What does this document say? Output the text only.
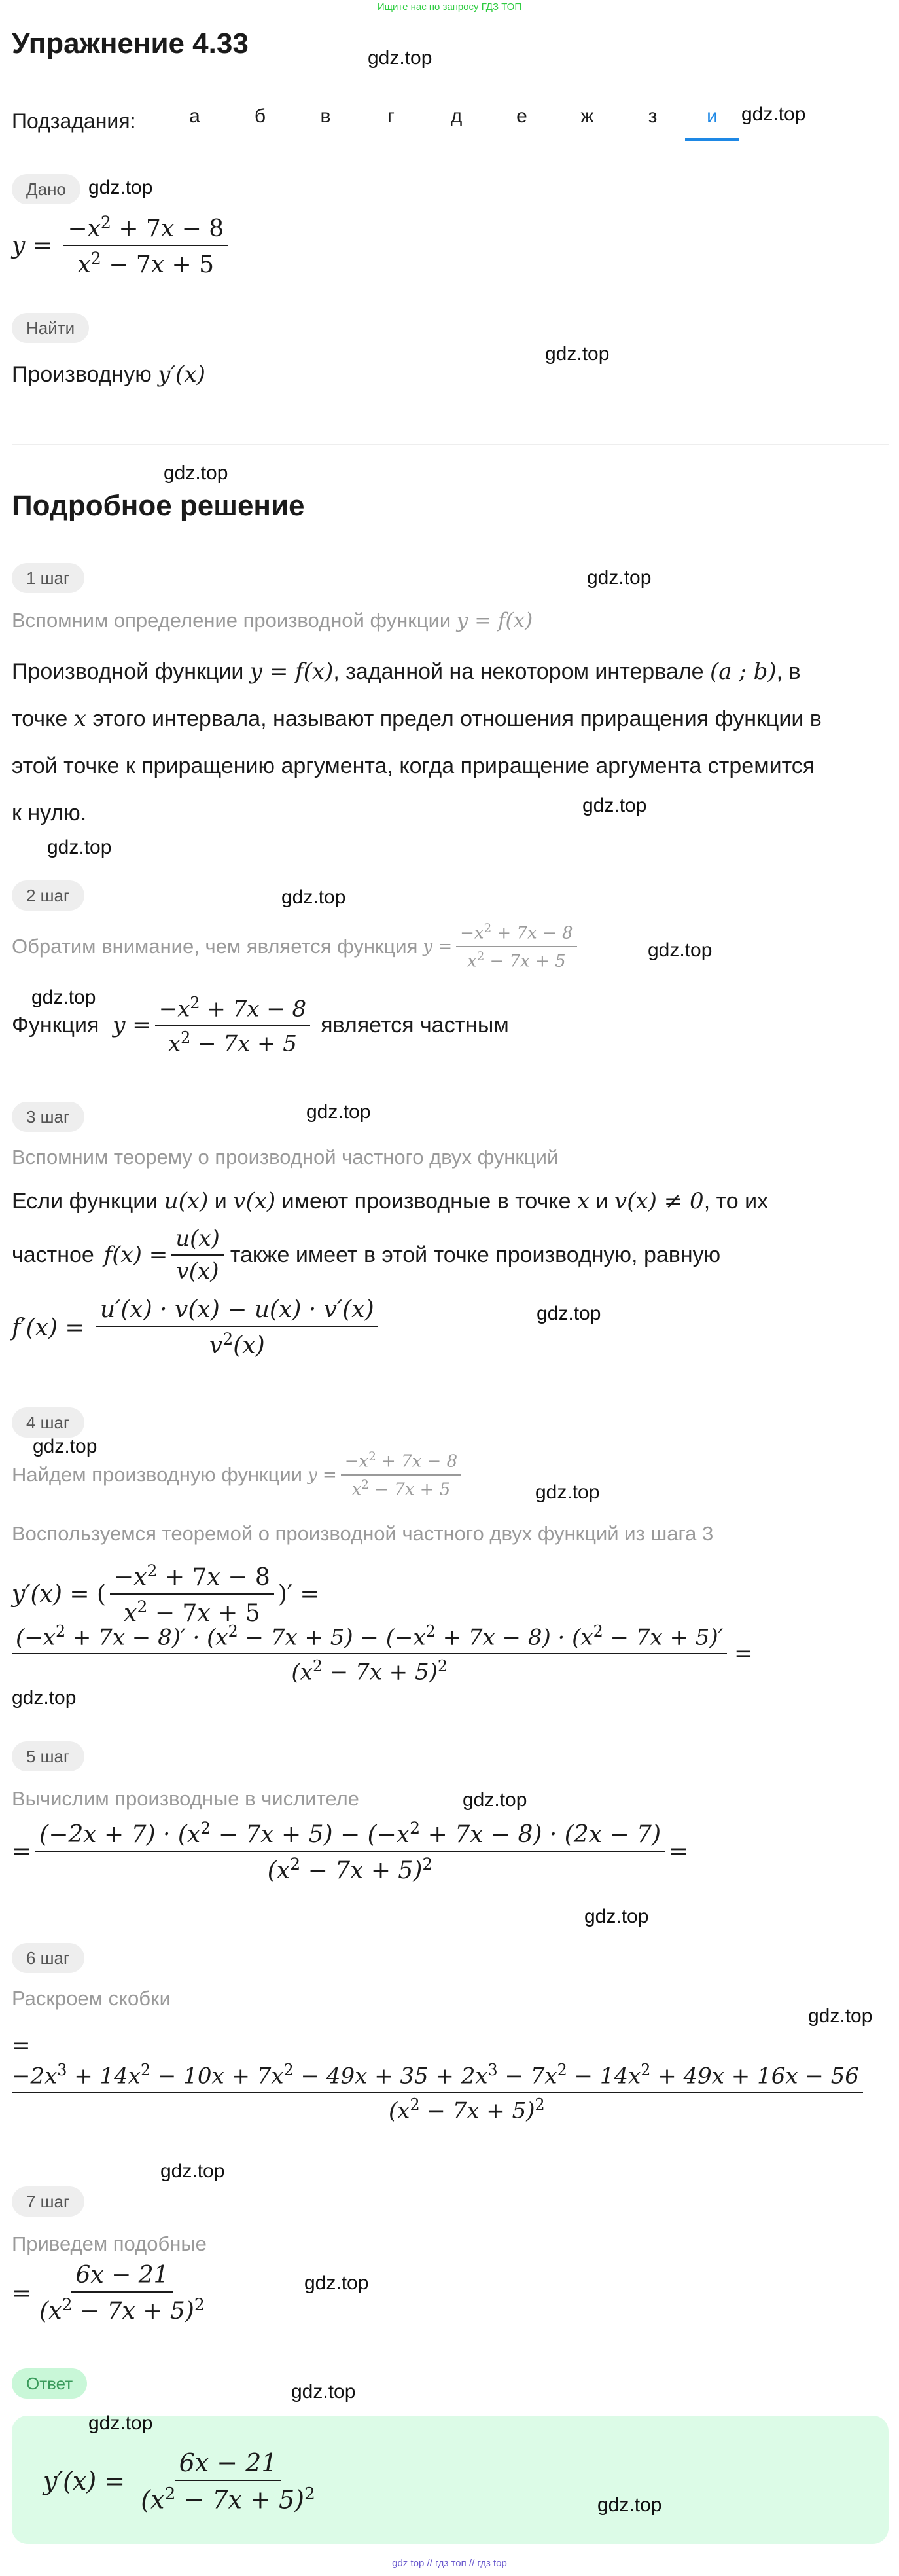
Ищите нас по запросу ГДЗ ТОП
Упражнение 4.33
Подзадания:	а	б	в	г	д	е	ж	з	и
Дано
$y = \frac{-x^2 + 7x - 8}{x^2 - 7x + 5}$
Найти
Производную y′(x)
Подробное решение
1 шаг
Вспомним определение производной функции y = f(x)
Производной функции y = f(x), заданной на некотором интервале (a ; b), в
точке x этого интервала, называют предел отношения приращения функции в
этой точке к приращению аргумента, когда приращение аргумента стремится
к нулю.
2 шаг
Обратим внимание, чем является функция $y = \frac{-x^2 + 7x - 8}{x^2 - 7x + 5}$
Функция $y = \frac{-x^2 + 7x - 8}{x^2 - 7x + 5}$ является частным
3 шаг
Вспомним теорему о производной частного двух функций
Если функции u(x) и v(x) имеют производные в точке x и v(x) ≠ 0, то их
частное $f(x) = \frac{u(x)}{v(x)}$ также имеет в этой точке производную, равную
$f'(x) = \frac{u'(x) \cdot v(x) - u(x) \cdot v'(x)}{v^2(x)}$
4 шаг
Найдем производную функции $y = \frac{-x^2 + 7x - 8}{x^2 - 7x + 5}$
Воспользуемся теоремой о производной частного двух функций из шага 3
y′(x) = ( $\frac{-x^2 + 7x - 8}{x^2 - 7x + 5}$ )′ =
$(-x^2 + 7x - 8)' \cdot (x^2 - 7x + 5) - (-x^2 + 7x - 8) \cdot (x^2 - 7x + 5)'$
$(x^2 - 7x + 5)^2$	=
5 шаг
Вычислим производные в числителе
= $\frac{(-2x + 7) \cdot (x^2 - 7x + 5) - (-x^2 + 7x - 8) \cdot (2x - 7)}{(x^2 - 7x + 5)^2}$ =
6 шаг
Раскроем скобки
=
$-2x^3 + 14x^2 - 10x + 7x^2 - 49x + 35 + 2x^3 - 7x^2 - 14x^2 + 49x + 16x - 56$
$(x^2 - 7x + 5)^2$
7 шаг
Приведем подобные
= $\frac{6x - 21}{(x^2 - 7x + 5)^2}$
Ответ
$y'(x) = \frac{6x - 21}{(x^2 - 7x + 5)^2}$
gdz.top
gdz.top
gdz.top
gdz.top
gdz.top
gdz.top
gdz.top
gdz.top
gdz.top
gdz.top
gdz.top
gdz.top
gdz.top
gdz.top
gdz.top
gdz.top
gdz.top
gdz.top
gdz.top
gdz.top
gdz.top
gdz.top
gdz.top
gdz.top
gdz top // гдз топ // гдз top
